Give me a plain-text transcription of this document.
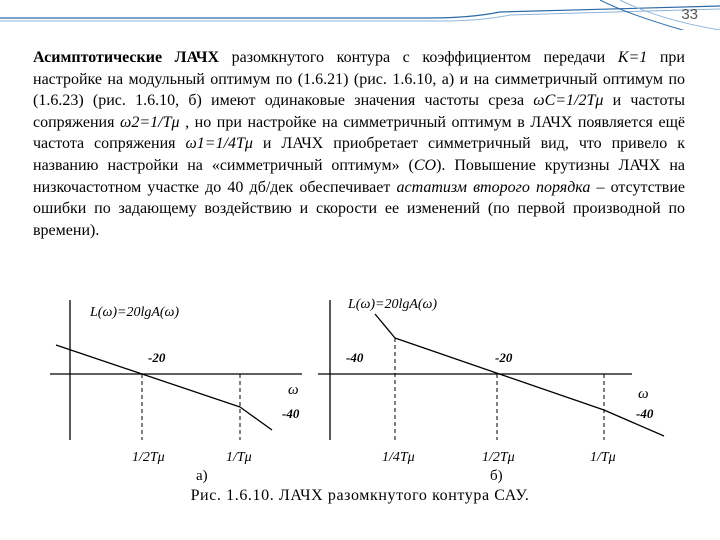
33
Асимптотические ЛАЧХ разомкнутого контура с коэффициентом передачи К=1 при настройке на модульный оптимум по (1.6.21) (рис. 1.6.10, а) и на симметричный оптимум по (1.6.23) (рис. 1.6.10, б) имеют одинаковые значения частоты среза ωC=1/2Tμ и частоты сопряжения ω2=1/Tμ , но при настройке на симметричный оптимум в ЛАЧХ появляется ещё частота сопряжения ω1=1/4Tμ и ЛАЧХ приобретает симметричный вид, что привело к названию настройки на «симметричный оптимум» (СО). Повышение крутизны ЛАЧХ на низкочастотном участке до 40 дб/дек обеспечивает астатизм второго порядка – отсутствие ошибки по задающему воздействию и скорости ее изменений (по первой производной по времени).
L(ω)=20lgA(ω)
-20
-40
ω
1/2Tμ	1/Tμ
а)
L(ω)=20lgA(ω)
-40	-20
-40
ω
1/4Tμ	1/2Tμ	1/Tμ
б)
Рис. 1.6.10. ЛАЧХ разомкнутого контура САУ.
